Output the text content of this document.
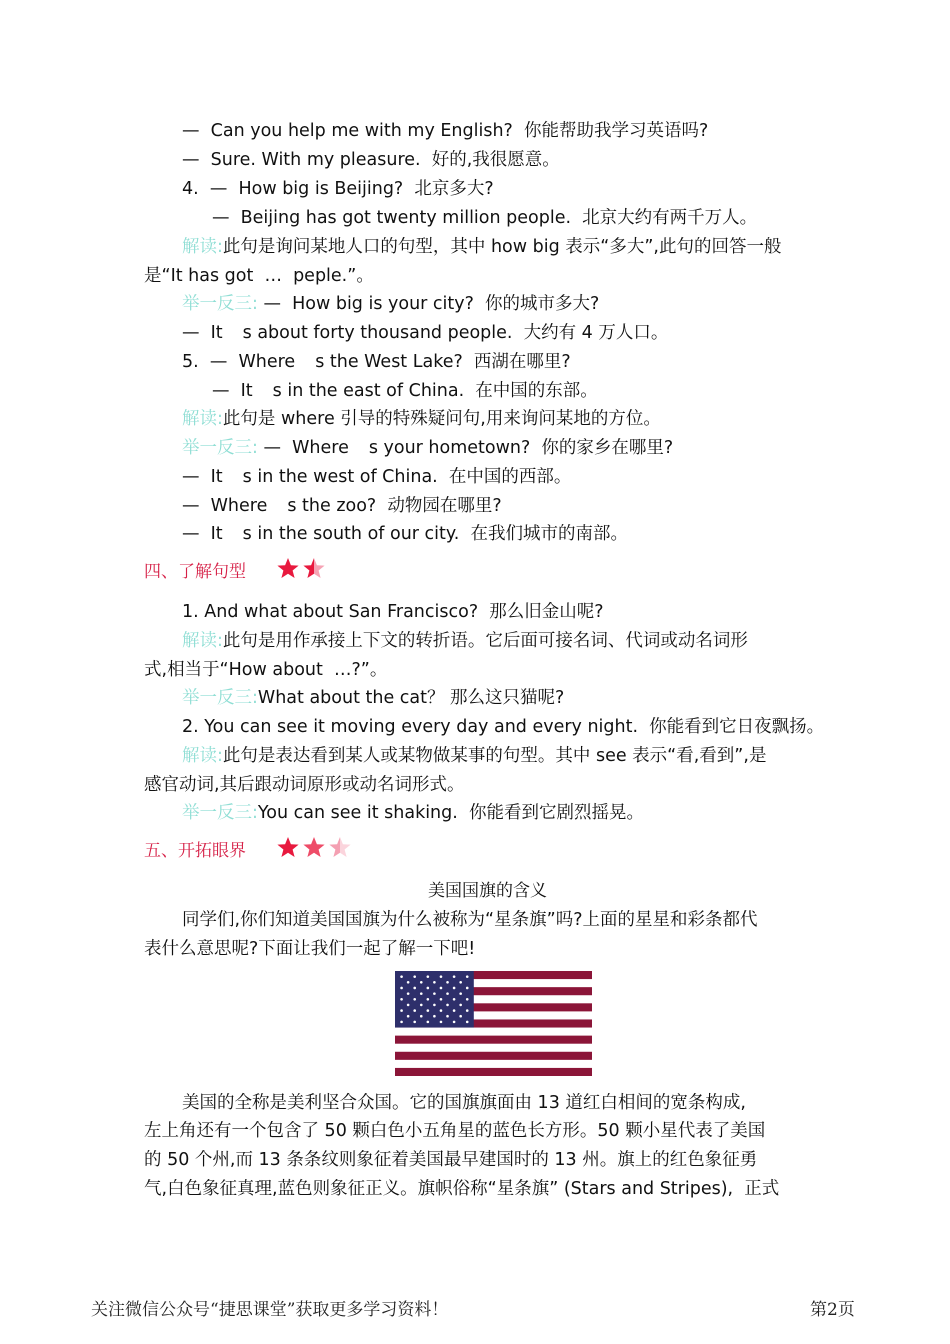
—  Can you help me with my English?  你能帮助我学习英语吗?
—  Sure. With my pleasure.  好的,我很愿意。
4.  —  How big is Beijing?  北京多大?
—  Beijing has got twenty million people.  北京大约有两千万人。
解读:此句是询问某地人口的句型，其中 how big 表示“多大”,此句的回答一般
是“It has got  …  peple.”。
举一反三: —  How big is your city?  你的城市多大?
—  It s about forty thousand people.  大约有 4 万人口。
5.  —  Where s the West Lake?  西湖在哪里?
—  It s in the east of China.  在中国的东部。
解读:此句是 where 引导的特殊疑问句,用来询问某地的方位。
举一反三: —  Where s your hometown?  你的家乡在哪里?
—  It s in the west of China.  在中国的西部。
—  Where s the zoo?  动物园在哪里?
—  It s in the south of our city.  在我们城市的南部。
四、了解句型
1. And what about San Francisco?  那么旧金山呢?
解读:此句是用作承接上下文的转折语。它后面可接名词、代词或动名词形
式,相当于“How about  …?”。
举一反三:What about the cat？ 那么这只猫呢?
2. You can see it moving every day and every night.  你能看到它日夜飘扬。
解读:此句是表达看到某人或某物做某事的句型。其中 see 表示“看,看到”,是
感官动词,其后跟动词原形或动名词形式。
举一反三:You can see it shaking.  你能看到它剧烈摇晃。
五、开拓眼界
美国国旗的含义
同学们,你们知道美国国旗为什么被称为“星条旗”吗?上面的星星和彩条都代
表什么意思呢?下面让我们一起了解一下吧!
美国的全称是美利坚合众国。它的国旗旗面由 13 道红白相间的宽条构成,
左上角还有一个包含了 50 颗白色小五角星的蓝色长方形。50 颗小星代表了美国
的 50 个州,而 13 条条纹则象征着美国最早建国时的 13 州。旗上的红色象征勇
气,白色象征真理,蓝色则象征正义。旗帜俗称“星条旗” (Stars and Stripes),  正式
关注微信公众号“捷思课堂”获取更多学习资料！	第2页
